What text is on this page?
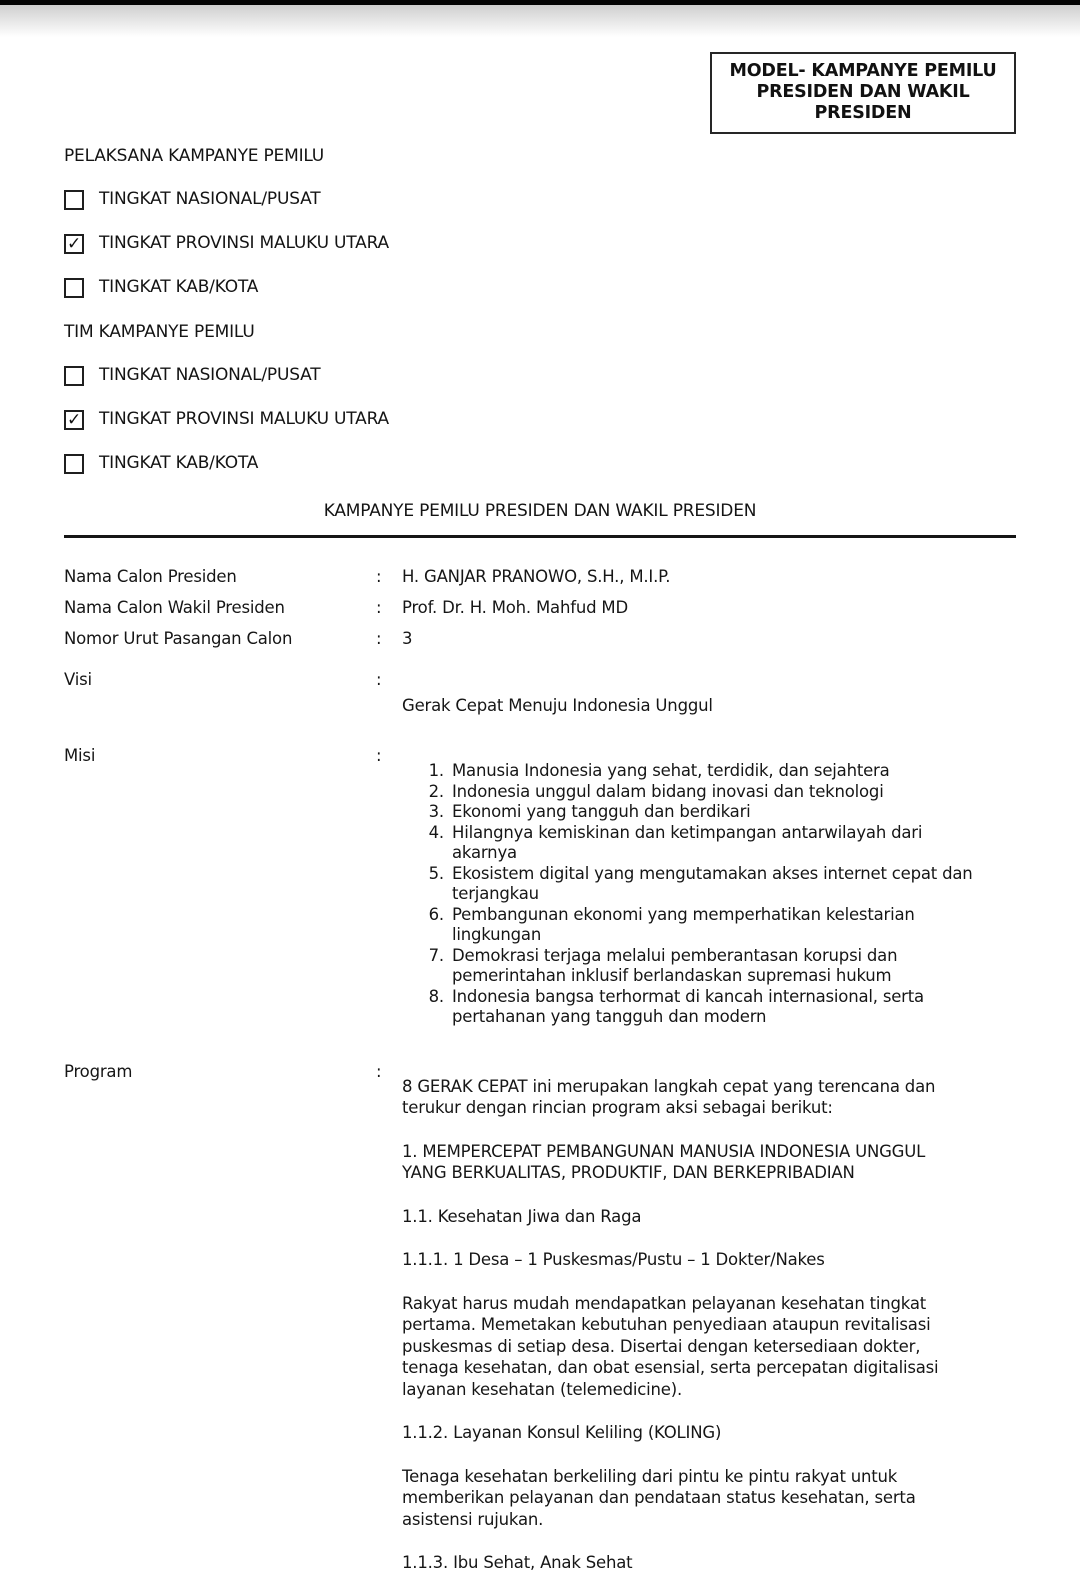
MODEL- KAMPANYE PEMILU PRESIDEN DAN WAKIL PRESIDEN
PELAKSANA KAMPANYE PEMILU
TINGKAT NASIONAL/PUSAT
✓ TINGKAT PROVINSI MALUKU UTARA
TINGKAT KAB/KOTA
TIM KAMPANYE PEMILU
TINGKAT NASIONAL/PUSAT
✓ TINGKAT PROVINSI MALUKU UTARA
TINGKAT KAB/KOTA
KAMPANYE PEMILU PRESIDEN DAN WAKIL PRESIDEN
Nama Calon Presiden	:	H. GANJAR PRANOWO, S.H., M.I.P.
Nama Calon Wakil Presiden	:	Prof. Dr. H. Moh. Mahfud MD
Nomor Urut Pasangan Calon	:	3
Visi	:
Gerak Cepat Menuju Indonesia Unggul
Misi	:
1. Manusia Indonesia yang sehat, terdidik, dan sejahtera
2. Indonesia unggul dalam bidang inovasi dan teknologi
3. Ekonomi yang tangguh dan berdikari
4. Hilangnya kemiskinan dan ketimpangan antarwilayah dari akarnya
5. Ekosistem digital yang mengutamakan akses internet cepat dan terjangkau
6. Pembangunan ekonomi yang memperhatikan kelestarian lingkungan
7. Demokrasi terjaga melalui pemberantasan korupsi dan pemerintahan inklusif berlandaskan supremasi hukum
8. Indonesia bangsa terhormat di kancah internasional, serta pertahanan yang tangguh dan modern
Program	:

8 GERAK CEPAT ini merupakan langkah cepat yang terencana dan terukur dengan rincian program aksi sebagai berikut:

1. MEMPERCEPAT PEMBANGUNAN MANUSIA INDONESIA UNGGUL YANG BERKUALITAS, PRODUKTIF, DAN BERKEPRIBADIAN

1.1. Kesehatan Jiwa dan Raga

1.1.1. 1 Desa – 1 Puskesmas/Pustu – 1 Dokter/Nakes

Rakyat harus mudah mendapatkan pelayanan kesehatan tingkat pertama. Memetakan kebutuhan penyediaan ataupun revitalisasi puskesmas di setiap desa. Disertai dengan ketersediaan dokter, tenaga kesehatan, dan obat esensial, serta percepatan digitalisasi layanan kesehatan (telemedicine).

1.1.2. Layanan Konsul Keliling (KOLING)

Tenaga kesehatan berkeliling dari pintu ke pintu rakyat untuk memberikan pelayanan dan pendataan status kesehatan, serta asistensi rujukan.

1.1.3. Ibu Sehat, Anak Sehat
